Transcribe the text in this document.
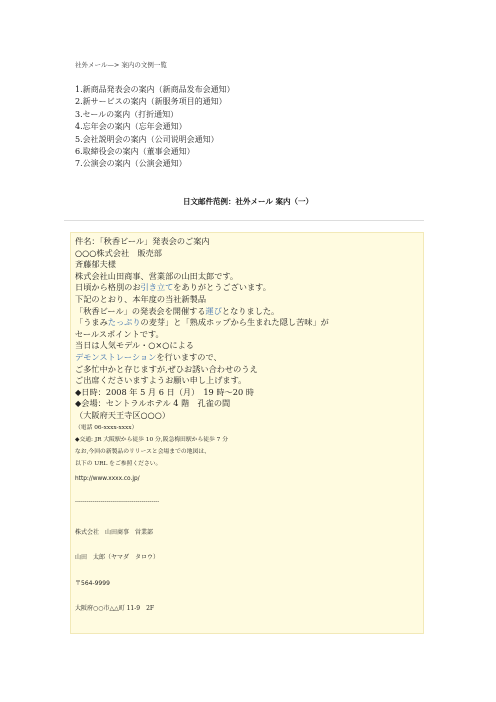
社外メール—> 案内の文例一覧
1.新商品発表会の案内（新商品发布会通知）
2.新サービスの案内（新服务项目的通知）
3.セールの案内（打折通知）
4.忘年会の案内（忘年会通知）
5.会社説明会の案内（公司说明会通知）
6.取締役会の案内（董事会通知）
7.公演会の案内（公演会通知）
日文邮件范例：社外メール 案内（一）
件名：「秋香ビール」発表会のご案内
○○○株式会社　販売部
斉藤郁夫様
株式会社山田商事、営業部の山田太郎です。
日頃から格別のお引き立てをありがとうございます。
下記のとおり、本年度の当社新製品
「秋香ビール」の発表会を開催する運びとなりました。
「うまみたっぷりの麦芽」と「熟成ホップから生まれた隠し苦味」が
セールスポイントです。
当日は人気モデル・○×○による
デモンストレーションを行いますので、
ご多忙中かと存じますが,ぜひお誘い合わせのうえ
ご出席くださいますようお願い申し上げます。
◆日時：2008 年 5 月 6 日（月）　19 時～20 時
◆会場：セントラルホテル 4 階　孔雀の間
（大阪府天王寺区○○○）
（電話 06-xxxx-xxxx）
◆交通: JR 大阪駅から徒歩 10 分,阪急梅田駅から徒歩 7 分
なお,今回の新製品のリリースと会場までの地図は、
以下の URL をご参照ください。
http://www.xxxx.co.jp/
-------------------------------------------
株式会社　山田商事　営業部
山田　太郎（ヤマダ　タロウ）
〒564-9999
大阪府○○市△△町 11-9　2F
